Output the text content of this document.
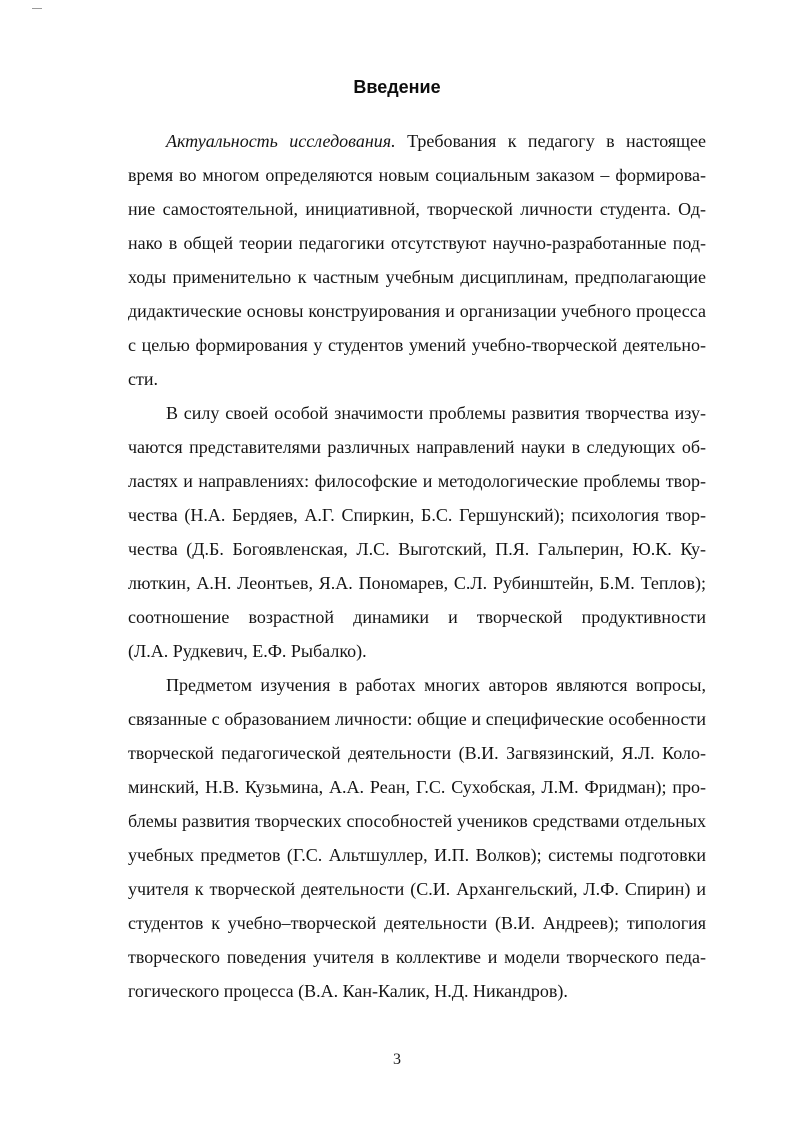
Введение
Актуальность исследования. Требования к педагогу в настоящее
время во многом определяются новым социальным заказом – формирова-
ние самостоятельной, инициативной, творческой личности студента. Од-
нако в общей теории педагогики отсутствуют научно-разработанные под-
ходы применительно к частным учебным дисциплинам, предполагающие
дидактические основы конструирования и организации учебного процесса
с целью формирования у студентов умений учебно-творческой деятельно-
сти.
В силу своей особой значимости проблемы развития творчества изу-
чаются представителями различных направлений науки в следующих об-
ластях и направлениях: философские и методологические проблемы твор-
чества (Н.А. Бердяев, А.Г. Спиркин, Б.С. Гершунский); психология твор-
чества (Д.Б. Богоявленская, Л.С. Выготский, П.Я. Гальперин, Ю.К. Ку-
люткин, А.Н. Леонтьев, Я.А. Пономарев, С.Л. Рубинштейн, Б.М. Теплов);
соотношение возрастной динамики и творческой продуктивности
(Л.А. Рудкевич, Е.Ф. Рыбалко).
Предметом изучения в работах многих авторов являются вопросы,
связанные с образованием личности: общие и специфические особенности
творческой педагогической деятельности (В.И. Загвязинский, Я.Л. Коло-
минский, Н.В. Кузьмина, А.А. Реан, Г.С. Сухобская, Л.М. Фридман); про-
блемы развития творческих способностей учеников средствами отдельных
учебных предметов (Г.С. Альтшуллер, И.П. Волков); системы подготовки
учителя к творческой деятельности (С.И. Архангельский, Л.Ф. Спирин) и
студентов к учебно–творческой деятельности (В.И. Андреев); типология
творческого поведения учителя в коллективе и модели творческого педа-
гогического процесса (В.А. Кан-Калик, Н.Д. Никандров).
3
